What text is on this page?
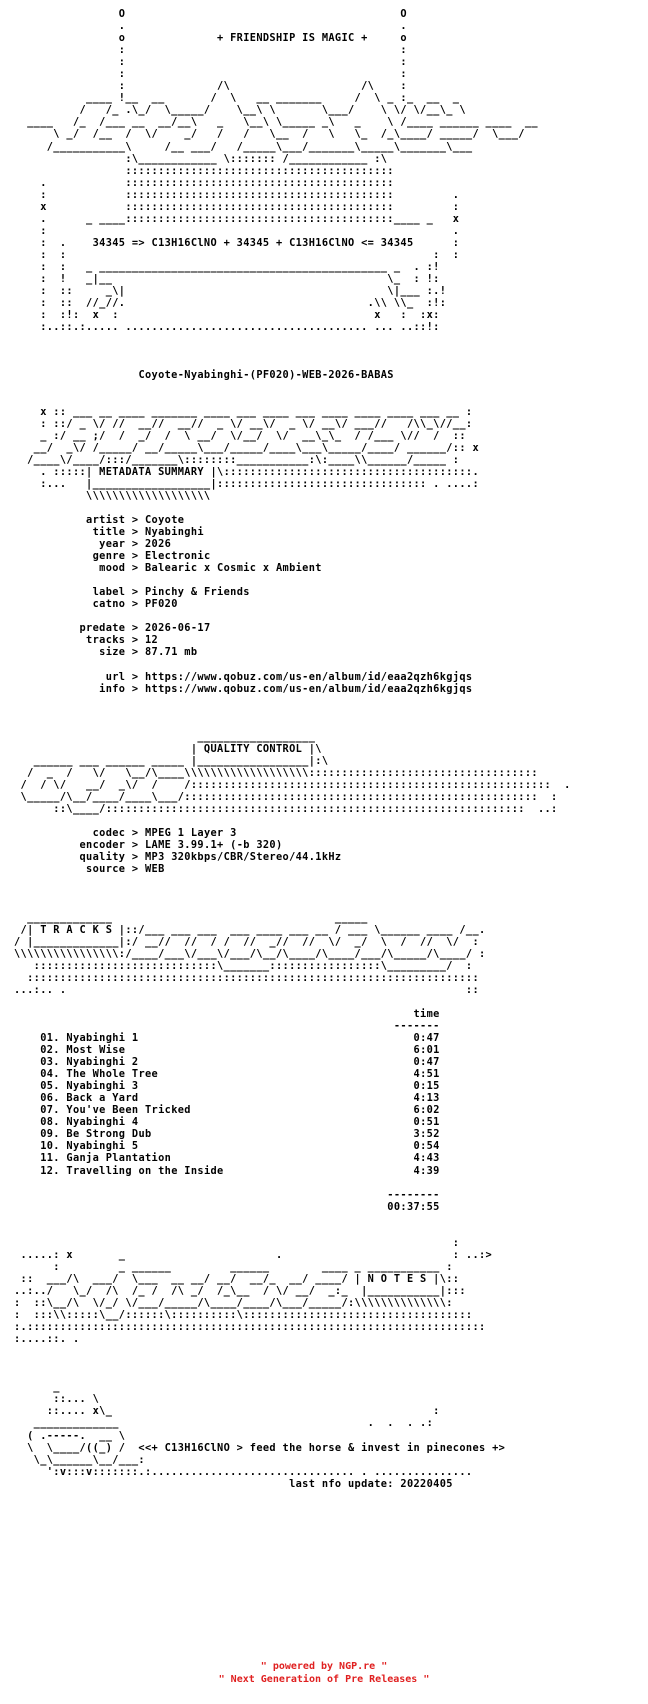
O                                          O
.                                          .
o              + FRIENDSHIP IS MAGIC +     o
:                                          :
:                                          :
:                                          :
:              /\                    /\    :
____ !__  __       /  \   __ _______     /  \ _ :_  __  _
/   /_ .\_/  \_____/    \__\ \       \___/    \ \/ \/__\_ \
____   /_  /___ __  __/__\   _   \__\ \_____ _\   _    \ /____ ______ ____  __
\ _/  /__  /  \/    _/   /   /   \__  /   \   \_  /_\____/ _____/  \___/
/___________\     /__ ___/   /_____\___/_______\_____\_______\___
:\____________ \::::::: /____________ :\
:::::::::::::::::::::::::::::::::::::::::
.            :::::::::::::::::::::::::::::::::::::::::
:            :::::::::::::::::::::::::::::::::::::::::         .
x            :::::::::::::::::::::::::::::::::::::::::         :
.      _ ____:::::::::::::::::::::::::::::::::::::::::____ _   x
:                                                              .
:  .    34345 => C13H16ClNO + 34345 + C13H16ClNO <= 34345      :
:  :                                                        :  :
:  :   _ ____________________________________________ _  . :!
:  !   _|__                                          \_  : !:
:  ::     _\|                                        \|___ :.!
:  ::  //_//.                                     .\\ \\_  :!:
:  :!:  x  :                                       x   :  :x:
:..::.:..... ..................................... ... ..::!:

Coyote-Nyabinghi-(PF020)-WEB-2026-BABAS

x :: ___ __ ____ _______ ____ ___ ____ ___ ____ ____ ____ ___ __ :
: ::/ _ \/ //  __//  __//  _ \/ __\/  _ \/ __\/ ___//   /\\_\//__:
_ :/ __ ;/  /  _/  /  \ __/  \/__/  \/  __\_\_  / /___ \//  /  ::
__/  _\/ /_____/ __/_____\___/_____/____\___\_____/____/ ______/:: x
/____\/____/:::/_______\::::::::___________:\:____\\______/_____ :
. :::::| METADATA SUMMARY |\::::::::::::::::::::::::::::::::::::::.
:...   |__________________|:::::::::::::::::::::::::::::::: . ....:
\\\\\\\\\\\\\\\\\\\

artist > Coyote
title > Nyabinghi
year > 2026
genre > Electronic
mood > Balearic x Cosmic x Ambient

label > Pinchy & Friends
catno > PF020

predate > 2026-06-17
tracks > 12
size > 87.71 mb

url > https://www.qobuz.com/us-en/album/id/eaa2qzh6kgjqs
info > https://www.qobuz.com/us-en/album/id/eaa2qzh6kgjqs

__________________
| QUALITY CONTROL |\
______ ___ ______ _____ |_________________|:\
/  _  /   \/   \__/\____\\\\\\\\\\\\\\\\\\\:::::::::::::::::::::::::::::::::::
/  / \/   __/  _\/  /    /:::::::::::::::::::::::::::::::::::::::::::::::::::::::  .
\_____/\__/____/____\___/::::::::::::::::::::::::::::::::::::::::::::::::::::::  :
::\____/::::::::::::::::::::::::::::::::::::::::::::::::::::::::::::::::  ..:

codec > MPEG 1 Layer 3
encoder > LAME 3.99.1+ (-b 320)
quality > MP3 320kbps/CBR/Stereo/44.1kHz
source > WEB

_____________                                  _____
/| T R A C K S |::/___ ___ ___  ___ ____ ___ __ / ___ \______ ____ /__.
/ |_____________|:/ __//  //  / /  //  _//  //  \/  _/  \  /  //  \/  :
\\\\\\\\\\\\\\\\:/____/___\/___\/___/\__/\____/\____/___/\_____/\____/ :
::::::::::::::::::::::::::::\_______:::::::::::::::::\_________/  :
:::::::::::::::::::::::::::::::::::::::::::::::::::::::::::::::::::::
...:.. .                                                             ::

time
-------
01. Nyabinghi 1	0:47
02. Most Wise	6:01
03. Nyabinghi 2	0:47
04. The Whole Tree	4:51
05. Nyabinghi 3	0:15
06. Back a Yard	4:13
07. You've Been Tricked	6:02
08. Nyabinghi 4	0:51
09. Be Strong Dub	3:52
10. Nyabinghi 5	0:54
11. Ganja Plantation	4:43
12. Travelling on the Inside	4:39

--------
00:37:55

:
.....: x       _                       .                          : ..:>
:         _ ______         ______        ____ _ ___________ :
::  ___/\  ___/  \___  __ __/ __/  __/_  __/ ____/ | N O T E S |\::
..:../   \_/  /\  /_ /  /\ _/  /_\__  / \/ __/  _:_  |___________|:::
:  ::\__/\  \/_/ \/___/_____/\____/____/\___/_____/:\\\\\\\\\\\\\\:
:  :::\\:::::\__/::::::\::::::::::\:::::::::::::::::::::::::::::::::::
:.::::::::::::::::::::::::::::::::::::::::::::::::::::::::::::::::::::::
:....::. .

_
::... \
::.... x\_                                                 :
_____________                                      .  .  . .:
( .-----.  __ \
\  \____/((_) /  <<+ C13H16ClNO > feed the horse & invest in pinecones +>
\_\______\__/___:
':v:::v:::::::.:............................... . ...............
last nfo update: 20220405
" powered by NGP.re "
" Next Generation of Pre Releases "
